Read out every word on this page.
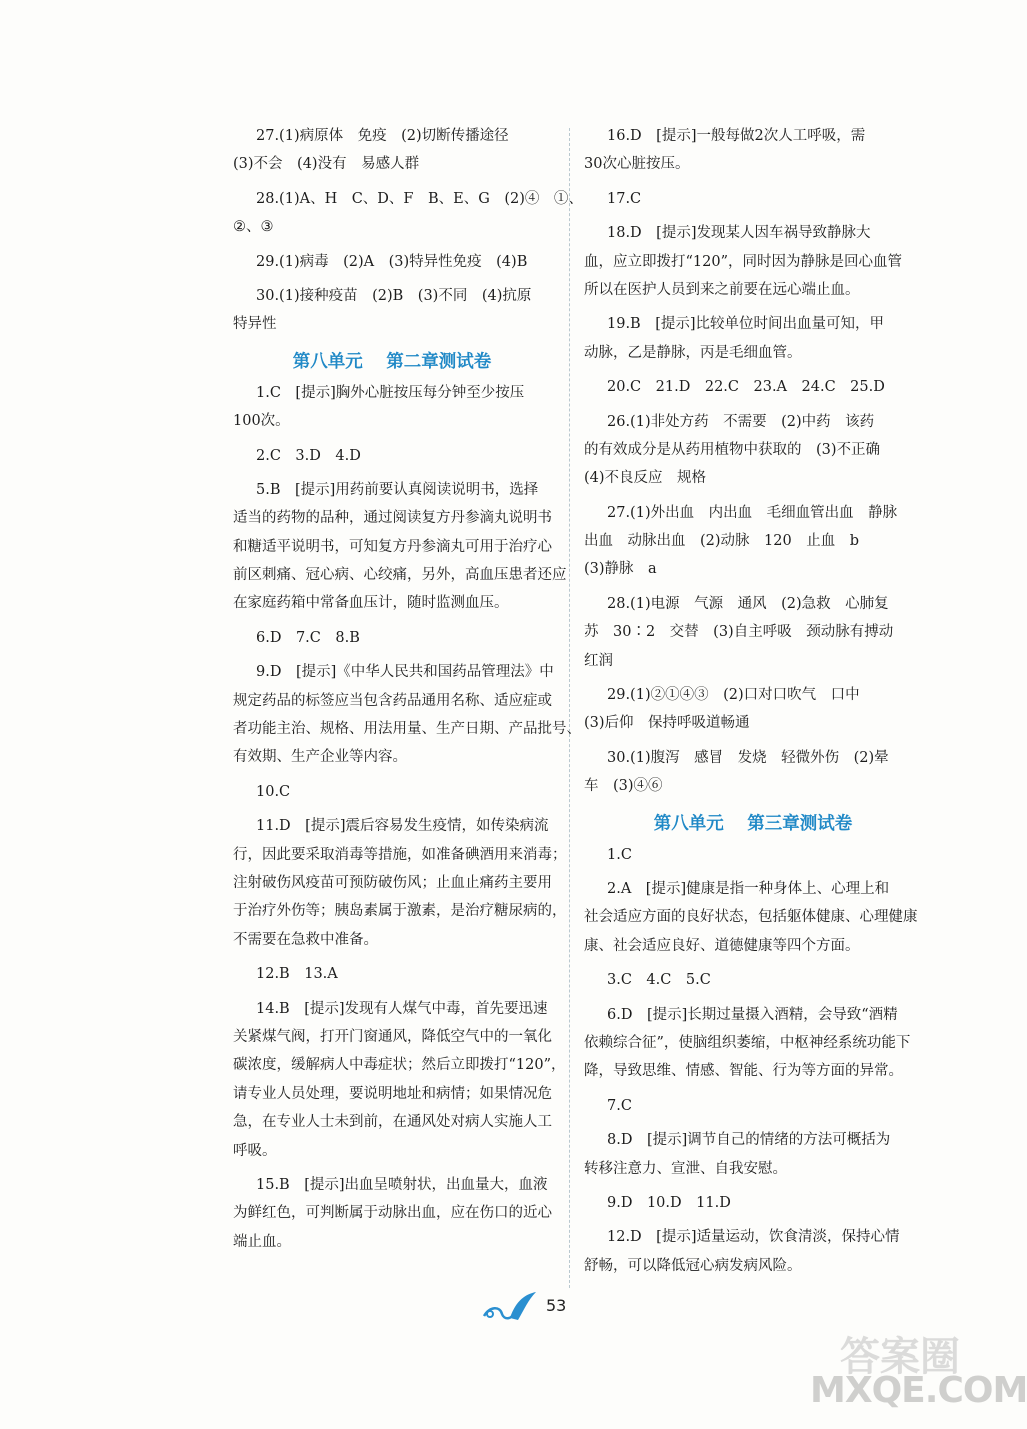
27.(1)病原体　免疫　(2)切断传播途径
(3)不会　(4)没有　易感人群
28.(1)A、H　C、D、F　B、E、G　(2)④　①、
②、③
29.(1)病毒　(2)A　(3)特异性免疫　(4)B
30.(1)接种疫苗　(2)B　(3)不同　(4)抗原
特异性
第八单元　 第二章测试卷
1.C　[提示]胸外心脏按压每分钟至少按压
100次。
2.C　3.D　4.D
5.B　[提示]用药前要认真阅读说明书，选择
适当的药物的品种，通过阅读复方丹参滴丸说明书
和糖适平说明书，可知复方丹参滴丸可用于治疗心
前区刺痛、冠心病、心绞痛，另外，高血压患者还应
在家庭药箱中常备血压计，随时监测血压。
6.D　7.C　8.B
9.D　[提示]《中华人民共和国药品管理法》中
规定药品的标签应当包含药品通用名称、适应症或
者功能主治、规格、用法用量、生产日期、产品批号、
有效期、生产企业等内容。
10.C
11.D　[提示]震后容易发生疫情，如传染病流
行，因此要采取消毒等措施，如准备碘酒用来消毒；
注射破伤风疫苗可预防破伤风；止血止痛药主要用
于治疗外伤等；胰岛素属于激素，是治疗糖尿病的，
不需要在急救中准备。
12.B　13.A
14.B　[提示]发现有人煤气中毒，首先要迅速
关紧煤气阀，打开门窗通风，降低空气中的一氧化
碳浓度，缓解病人中毒症状；然后立即拨打“120”，
请专业人员处理，要说明地址和病情；如果情况危
急，在专业人士未到前，在通风处对病人实施人工
呼吸。
15.B　[提示]出血呈喷射状，出血量大，血液
为鲜红色，可判断属于动脉出血，应在伤口的近心
端止血。
16.D　[提示]一般每做2次人工呼吸，需
30次心脏按压。
17.C
18.D　[提示]发现某人因车祸导致静脉大
血，应立即拨打“120”，同时因为静脉是回心血管
所以在医护人员到来之前要在远心端止血。
19.B　[提示]比较单位时间出血量可知，甲
动脉，乙是静脉，丙是毛细血管。
20.C　21.D　22.C　23.A　24.C　25.D
26.(1)非处方药　不需要　(2)中药　该药
的有效成分是从药用植物中获取的　(3)不正确
(4)不良反应　规格
27.(1)外出血　内出血　毛细血管出血　静脉
出血　动脉出血　(2)动脉　120　止血　b
(3)静脉　a
28.(1)电源　气源　通风　(2)急救　心肺复
苏　30∶2　交替　(3)自主呼吸　颈动脉有搏动
红润
29.(1)②①④③　(2)口对口吹气　口中
(3)后仰　保持呼吸道畅通
30.(1)腹泻　感冒　发烧　轻微外伤　(2)晕
车　(3)④⑥
第八单元　 第三章测试卷
1.C
2.A　[提示]健康是指一种身体上、心理上和
社会适应方面的良好状态，包括躯体健康、心理健康
康、社会适应良好、道德健康等四个方面。
3.C　4.C　5.C
6.D　[提示]长期过量摄入酒精，会导致“酒精
依赖综合征”，使脑组织萎缩，中枢神经系统功能下
降，导致思维、情感、智能、行为等方面的异常。
7.C
8.D　[提示]调节自己的情绪的方法可概括为
转移注意力、宣泄、自我安慰。
9.D　10.D　11.D
12.D　[提示]适量运动，饮食清淡，保持心情
舒畅，可以降低冠心病发病风险。
53
答案圈
MXQE.COM
